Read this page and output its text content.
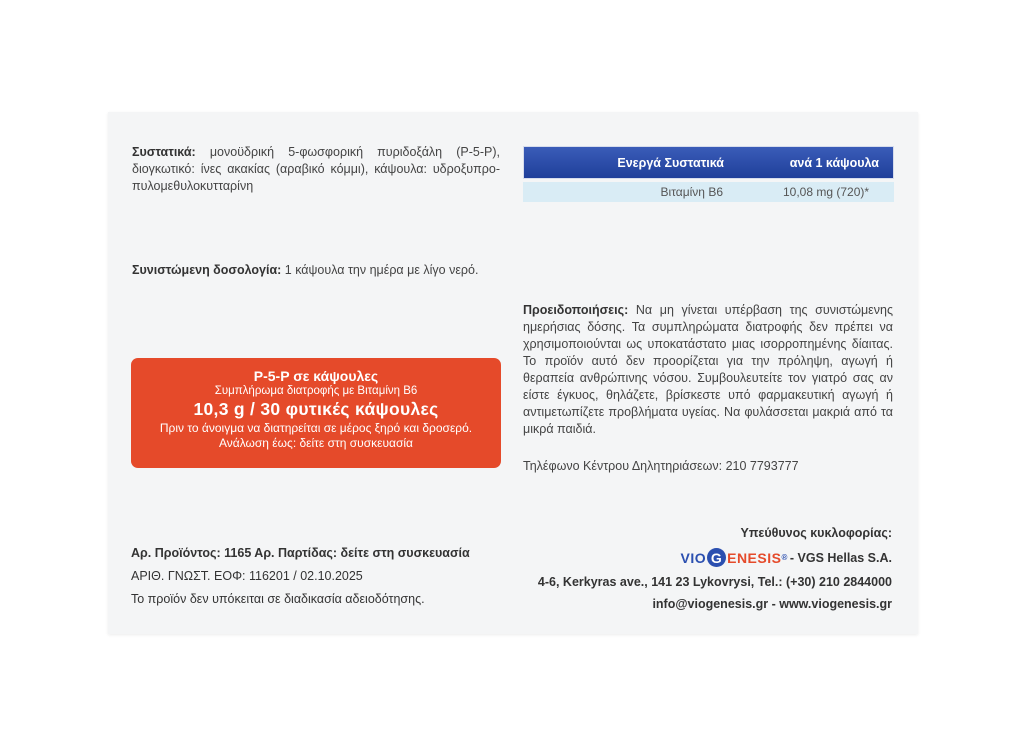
Συστατικά: μονοϋδρική 5-φωσφορική πυριδοξάλη (P-5-P), διογκωτικό: ίνες ακακίας (αραβικό κόμμι), κάψουλα: υδροξυπρο-πυλομεθυλοκυτταρίνη
Συνιστώμενη δοσολογία: 1 κάψουλα την ημέρα με λίγο νερό.
Ενεργά Συστατικά	ανά 1 κάψουλα
Βιταμίνη Β6	10,08 mg (720)*
P-5-P σε κάψουλες
Συμπλήρωμα διατροφής με Βιταμίνη Β6
10,3 g / 30 φυτικές κάψουλες
Πριν το άνοιγμα να διατηρείται σε μέρος ξηρό και δροσερό.
Ανάλωση έως: δείτε στη συσκευασία
Προειδοποιήσεις: Να μη γίνεται υπέρβαση της συνιστώμενης ημερήσιας δόσης. Τα συμπληρώματα διατροφής δεν πρέπει να χρησιμοποιούνται ως υποκατάστατο μιας ισορροπημένης δίαιτας. Το προϊόν αυτό δεν προορίζεται για την πρόληψη, αγωγή ή θεραπεία ανθρώπινης νόσου. Συμβουλευτείτε τον γιατρό σας αν είστε έγκυος, θηλάζετε, βρίσκεστε υπό φαρμακευτική αγωγή ή αντιμετωπίζετε προβλήματα υγείας. Να φυλάσσεται μακριά από τα μικρά παιδιά.
Τηλέφωνο Κέντρου Δηλητηριάσεων: 210 7793777
Αρ. Προϊόντος: 1165 Αρ. Παρτίδας: δείτε στη συσκευασία
ΑΡΙΘ. ΓΝΩΣΤ. ΕΟΦ: 116201 / 02.10.2025
Το προϊόν δεν υπόκειται σε διαδικασία αδειοδότησης.
Υπεύθυνος κυκλοφορίας:
VIO G ENESIS ® - VGS Hellas S.A.
4-6, Kerkyras ave., 141 23 Lykovrysi, Tel.: (+30) 210 2844000
info@viogenesis.gr - www.viogenesis.gr
